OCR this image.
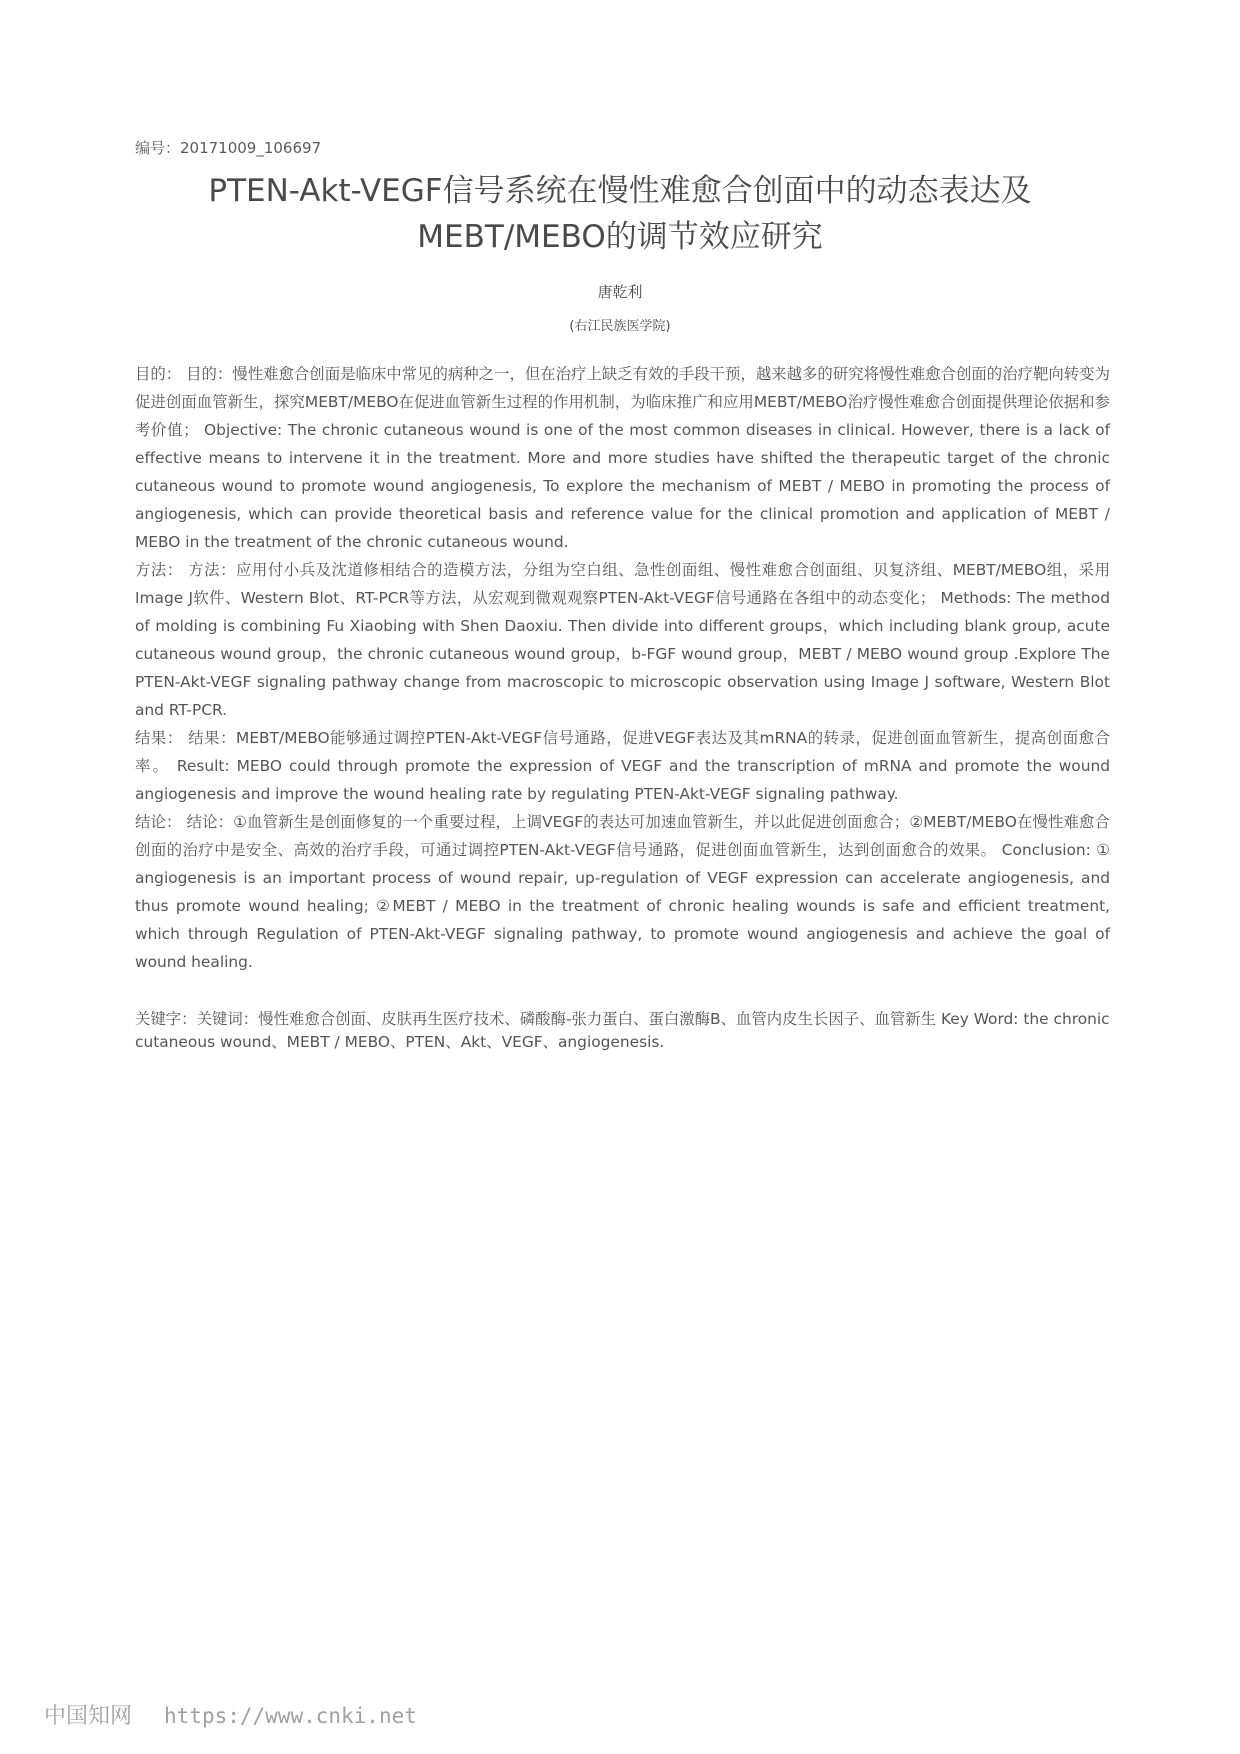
编号：20171009_106697
PTEN-Akt-VEGF信号系统在慢性难愈合创面中的动态表达及MEBT/MEBO的调节效应研究
唐乾利
(右江民族医学院)

目的： 目的：慢性难愈合创面是临床中常见的病种之一，但在治疗上缺乏有效的手段干预，越来越多的研究将慢性难愈合创面的治疗靶向转变为促进创面血管新生，探究MEBT/MEBO在促进血管新生过程的作用机制，为临床推广和应用MEBT/MEBO治疗慢性难愈合创面提供理论依据和参考价值； Objective: The chronic cutaneous wound is one of the most common diseases in clinical. However, there is a lack of effective means to intervene it in the treatment. More and more studies have shifted the therapeutic target of the chronic cutaneous wound to promote wound angiogenesis, To explore the mechanism of MEBT / MEBO in promoting the process of angiogenesis, which can provide theoretical basis and reference value for the clinical promotion and application of MEBT / MEBO in the treatment of the chronic cutaneous wound.

方法： 方法：应用付小兵及沈道修相结合的造模方法，分组为空白组、急性创面组、慢性难愈合创面组、贝复济组、MEBT/MEBO组，采用Image J软件、Western Blot、RT-PCR等方法，从宏观到微观观察PTEN-Akt-VEGF信号通路在各组中的动态变化； Methods: The method of molding is combining Fu Xiaobing with Shen Daoxiu. Then divide into different groups，which including blank group, acute cutaneous wound group，the chronic cutaneous wound group，b-FGF wound group，MEBT / MEBO wound group .Explore The PTEN-Akt-VEGF signaling pathway change from macroscopic to microscopic observation using Image J software, Western Blot and RT-PCR.

结果： 结果：MEBT/MEBO能够通过调控PTEN-Akt-VEGF信号通路，促进VEGF表达及其mRNA的转录，促进创面血管新生，提高创面愈合率。 Result: MEBO could through promote the expression of VEGF and the transcription of mRNA and promote the wound angiogenesis and improve the wound healing rate by regulating PTEN-Akt-VEGF signaling pathway.

结论： 结论：①血管新生是创面修复的一个重要过程，上调VEGF的表达可加速血管新生，并以此促进创面愈合；②MEBT/MEBO在慢性难愈合创面的治疗中是安全、高效的治疗手段，可通过调控PTEN-Akt-VEGF信号通路，促进创面血管新生，达到创面愈合的效果。 Conclusion: ① angiogenesis is an important process of wound repair, up-regulation of VEGF expression can accelerate angiogenesis, and thus promote wound healing; ②MEBT / MEBO in the treatment of chronic healing wounds is safe and efficient treatment, which through Regulation of PTEN-Akt-VEGF signaling pathway, to promote wound angiogenesis and achieve the goal of wound healing.

关键字：关键词：慢性难愈合创面、皮肤再生医疗技术、磷酸酶-张力蛋白、蛋白激酶B、血管内皮生长因子、血管新生 Key Word: the chronic cutaneous wound、MEBT / MEBO、PTEN、Akt、VEGF、angiogenesis.
中国知网 https://www.cnki.net
